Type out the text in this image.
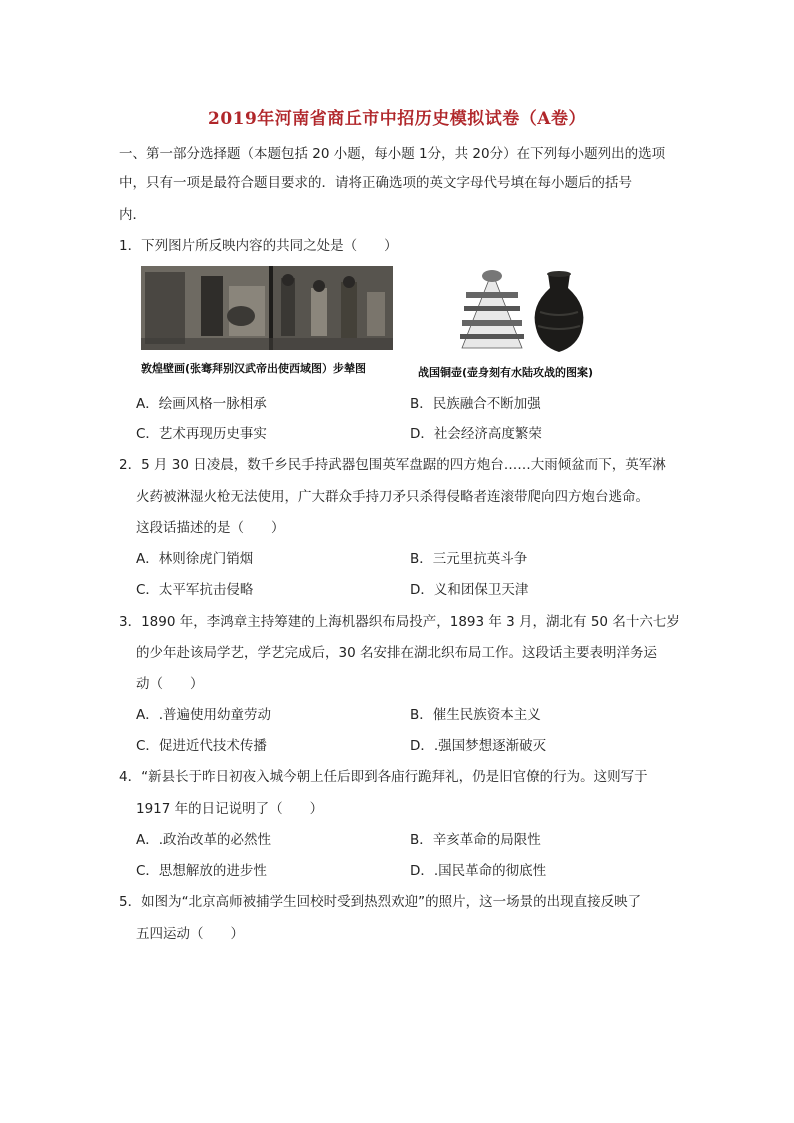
2019年河南省商丘市中招历史模拟试卷（A卷）
一、第一部分选择题（本题包括 20 小题，每小题 1分，共 20分）在下列每小题列出的选项
中，只有一项是最符合题目要求的．请将正确选项的英文字母代号填在每小题后的括号
内．
1．下列图片所反映内容的共同之处是（　　）
敦煌壁画(张骞拜别汉武帝出使西域图）步辇图	战国铜壶(壶身刻有水陆攻战的图案)
A．绘画风格一脉相承	B．民族融合不断加强
C．艺术再现历史事实	D．社会经济高度繁荣
2．5 月 30 日凌晨，数千乡民手持武器包围英军盘踞的四方炮台……大雨倾盆而下，英军淋
火药被淋湿火枪无法使用，广大群众手持刀矛只杀得侵略者连滚带爬向四方炮台逃命。
这段话描述的是（　　）
A．林则徐虎门销烟	B．三元里抗英斗争
C．太平军抗击侵略	D．义和团保卫天津
3．1890 年，李鸿章主持筹建的上海机器织布局投产，1893 年 3 月，湖北有 50 名十六七岁
的少年赴该局学艺，学艺完成后，30 名安排在湖北织布局工作。这段话主要表明洋务运
动（　　）
A．.普遍使用幼童劳动	B．催生民族资本主义
C．促进近代技术传播	D．.强国梦想逐渐破灭
4．“新县长于昨日初夜入城今朝上任后即到各庙行跪拜礼，仍是旧官僚的行为。这则写于
1917 年的日记说明了（　　）
A．.政治改革的必然性	B．辛亥革命的局限性
C．思想解放的进步性	D．.国民革命的彻底性
5．如图为“北京高师被捕学生回校时受到热烈欢迎”的照片，这一场景的出现直接反映了
五四运动（　　）
